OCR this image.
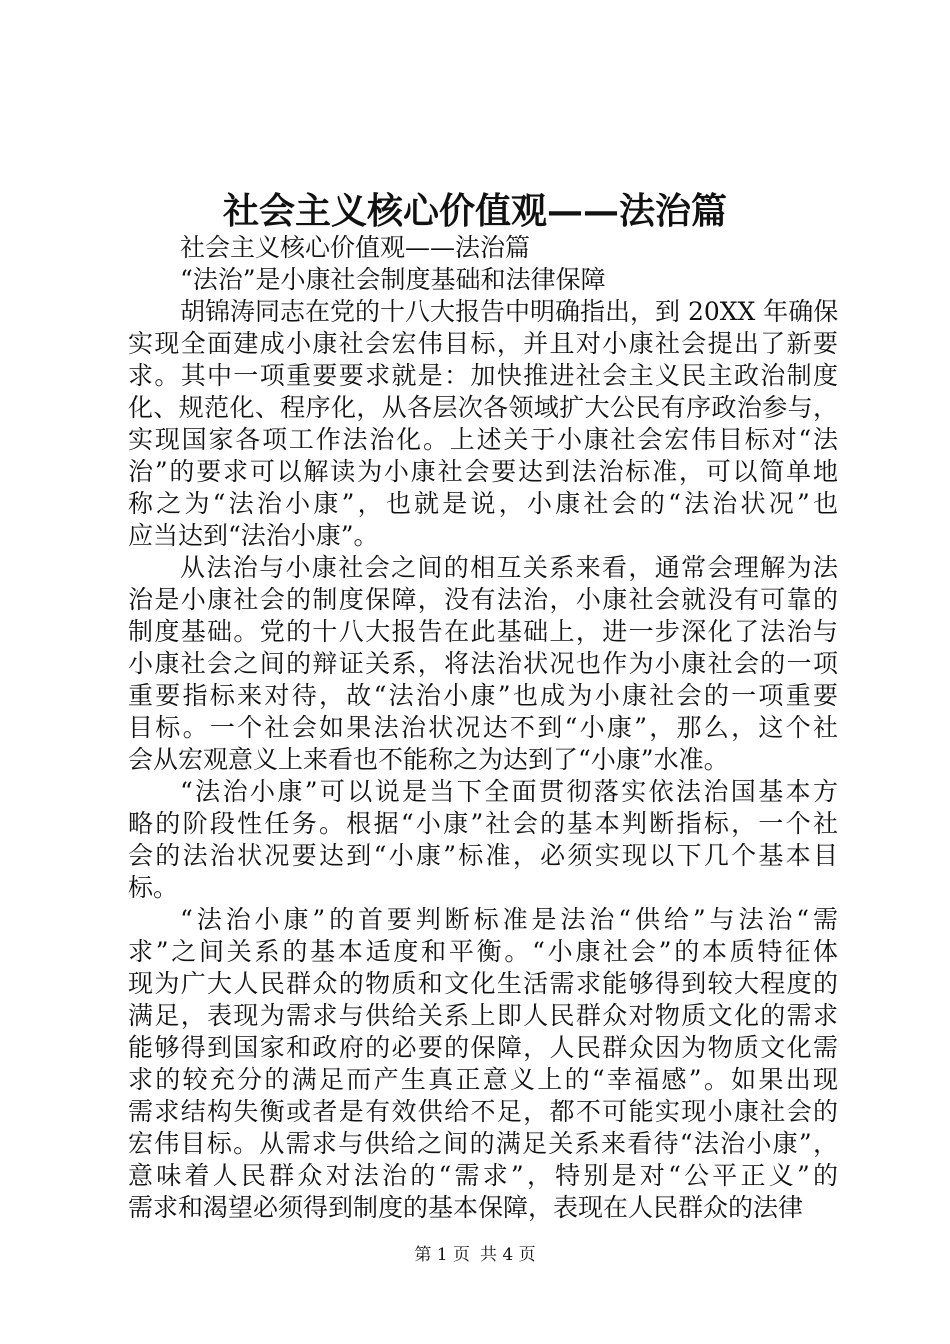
社会主义核心价值观——法治篇
社会主义核心价值观——法治篇
“法治”是小康社会制度基础和法律保障
胡锦涛同志在党的十八大报告中明确指出，到 20XX 年确保
实现全面建成小康社会宏伟目标，并且对小康社会提出了新要
求。其中一项重要要求就是：加快推进社会主义民主政治制度
化、规范化、程序化，从各层次各领域扩大公民有序政治参与，
实现国家各项工作法治化。上述关于小康社会宏伟目标对“法
治”的要求可以解读为小康社会要达到法治标准，可以简单地
称之为“法治小康”，也就是说，小康社会的“法治状况”也
应当达到“法治小康”。
从法治与小康社会之间的相互关系来看，通常会理解为法
治是小康社会的制度保障，没有法治，小康社会就没有可靠的
制度基础。党的十八大报告在此基础上，进一步深化了法治与
小康社会之间的辩证关系，将法治状况也作为小康社会的一项
重要指标来对待，故“法治小康”也成为小康社会的一项重要
目标。一个社会如果法治状况达不到“小康”，那么，这个社
会从宏观意义上来看也不能称之为达到了“小康”水准。
“法治小康”可以说是当下全面贯彻落实依法治国基本方
略的阶段性任务。根据“小康”社会的基本判断指标，一个社
会的法治状况要达到“小康”标准，必须实现以下几个基本目
标。
“法治小康”的首要判断标准是法治“供给”与法治“需
求”之间关系的基本适度和平衡。“小康社会”的本质特征体
现为广大人民群众的物质和文化生活需求能够得到较大程度的
满足，表现为需求与供给关系上即人民群众对物质文化的需求
能够得到国家和政府的必要的保障，人民群众因为物质文化需
求的较充分的满足而产生真正意义上的“幸福感”。如果出现
需求结构失衡或者是有效供给不足，都不可能实现小康社会的
宏伟目标。从需求与供给之间的满足关系来看待“法治小康”，
意味着人民群众对法治的“需求”，特别是对“公平正义”的
需求和渴望必须得到制度的基本保障，表现在人民群众的法律
第 1 页 共 4 页
